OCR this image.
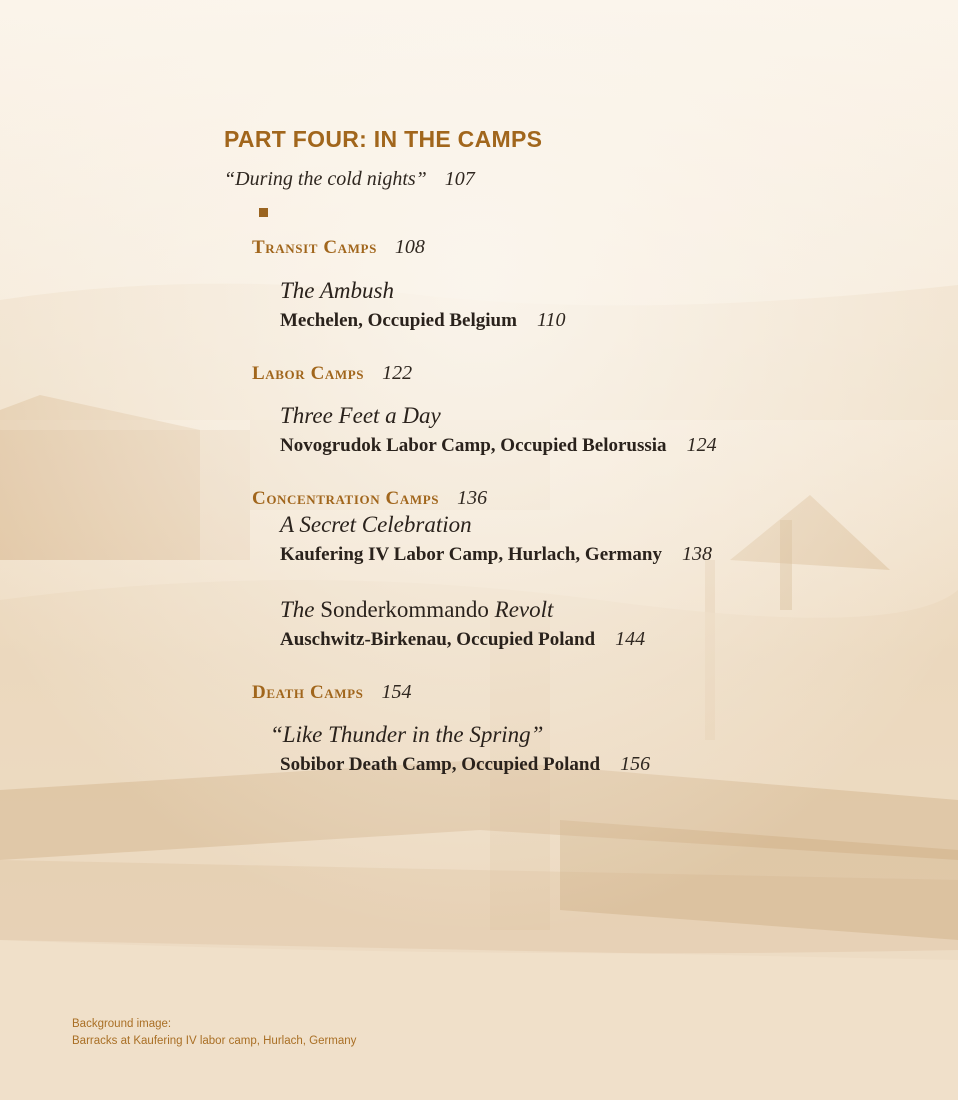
PART FOUR: IN THE CAMPS
“During the cold nights” 107
Transit Camps 108
The Ambush
Mechelen, Occupied Belgium 110
Labor Camps 122
Three Feet a Day
Novogrudok Labor Camp, Occupied Belorussia 124
Concentration Camps 136
A Secret Celebration
Kaufering IV Labor Camp, Hurlach, Germany 138
The Sonderkommando Revolt
Auschwitz-Birkenau, Occupied Poland 144
Death Camps 154
“Like Thunder in the Spring”
Sobibor Death Camp, Occupied Poland 156
Background image:
Barracks at Kaufering IV labor camp, Hurlach, Germany
